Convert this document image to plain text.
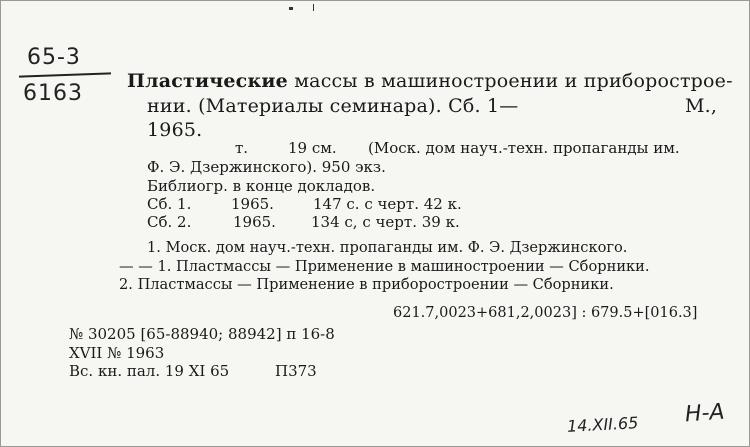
65-3
6163 Пластические массы в машиностроении и приборострое-
нии. (Материалы семинара). Сб. 1—	М.,
1965.
т.	19 см. (Моск. дом науч.-техн. пропаганды им.
Ф. Э. Дзержинского). 950 экз.
Библиогр. в конце докладов.
Сб. 1.	1965.	147 с. с черт. 42 к.
Сб. 2.	1965. 134 с, с черт. 39 к.
1. Моск. дом науч.-техн. пропаганды им. Ф. Э. Дзержинского.
— — 1. Пластмассы — Применение в машиностроении — Сборники.
2. Пластмассы — Применение в приборостроении — Сборники.
621.7,0023+681,2,0023] : 679.5+[016.3]
№ 30205 [65-88940; 88942] п 16-8
XVII № 1963
Вс. кн. пал. 19 XI 65	П373
14.XII.65 Н-А
